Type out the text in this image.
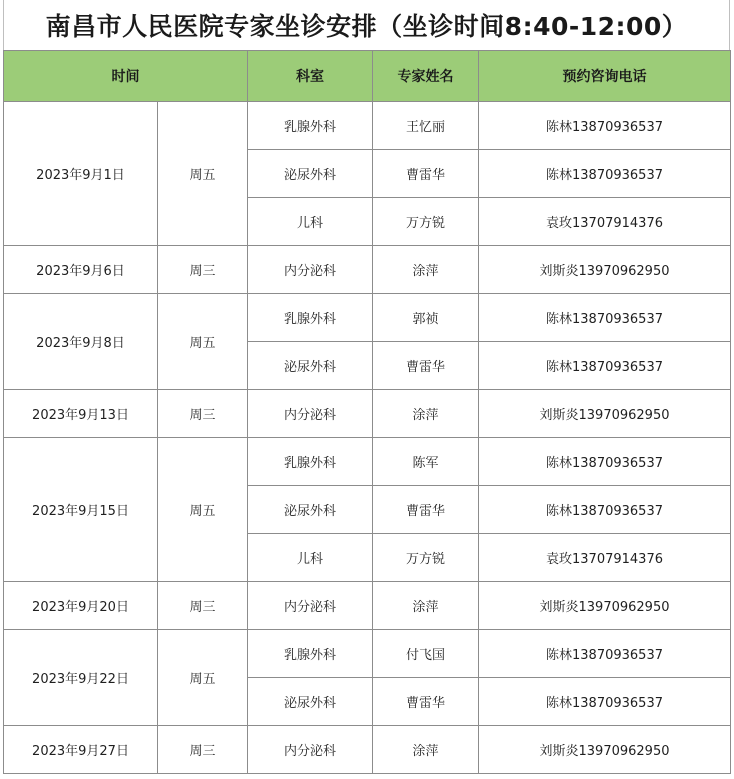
南昌市人民医院专家坐诊安排（坐诊时间8:40-12:00）
时间		科室	专家姓名	预约咨询电话
2023年9月1日	周五	乳腺外科	王忆丽	陈林13870936537
		泌尿外科	曹雷华	陈林13870936537
		儿科	万方锐	袁玫13707914376
2023年9月6日	周三	内分泌科	涂萍	刘斯炎13970962950
2023年9月8日	周五	乳腺外科	郭祯	陈林13870936537
		泌尿外科	曹雷华	陈林13870936537
2023年9月13日	周三	内分泌科	涂萍	刘斯炎13970962950
2023年9月15日	周五	乳腺外科	陈军	陈林13870936537
		泌尿外科	曹雷华	陈林13870936537
		儿科	万方锐	袁玫13707914376
2023年9月20日	周三	内分泌科	涂萍	刘斯炎13970962950
2023年9月22日	周五	乳腺外科	付飞国	陈林13870936537
		泌尿外科	曹雷华	陈林13870936537
2023年9月27日	周三	内分泌科	涂萍	刘斯炎13970962950
